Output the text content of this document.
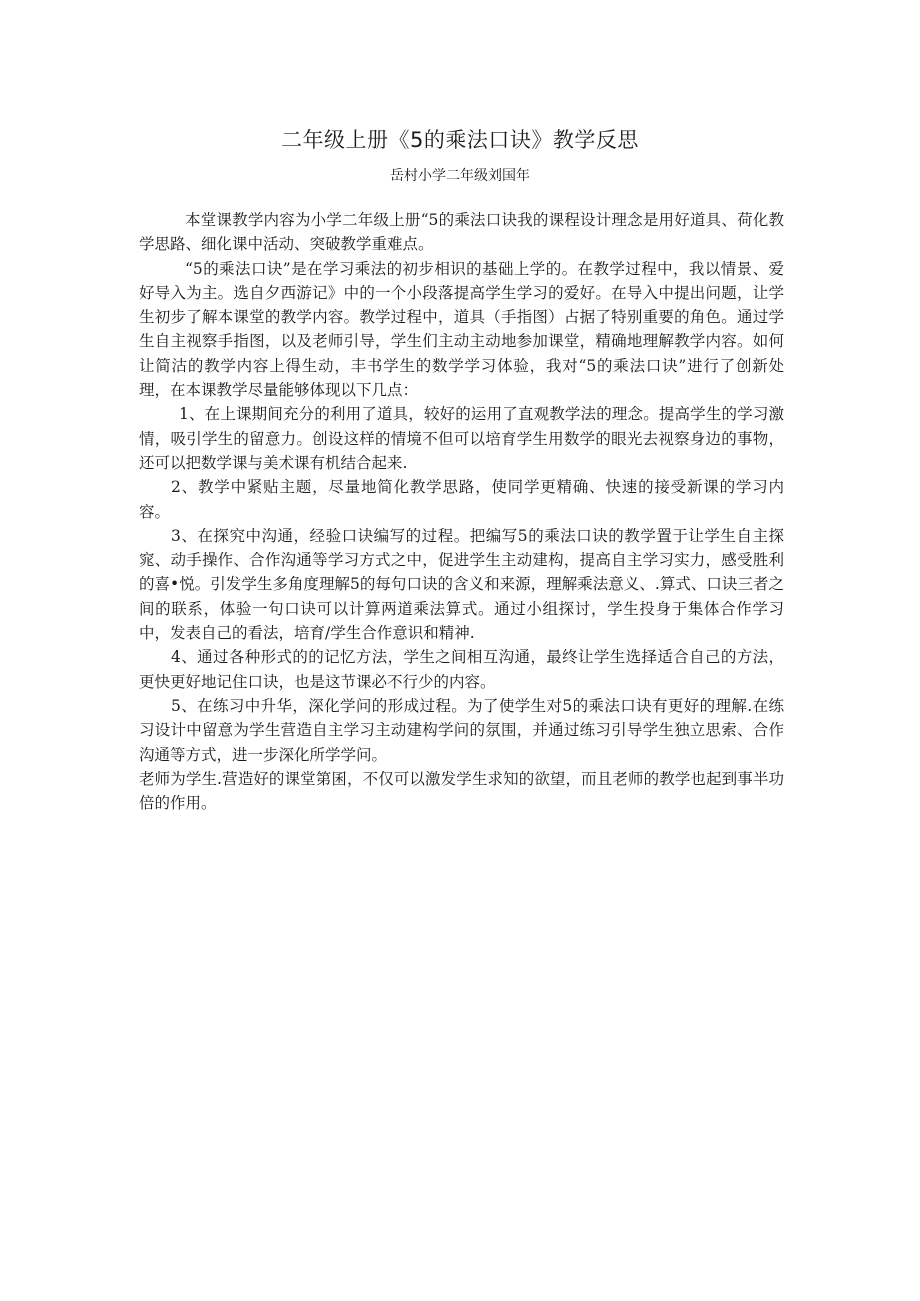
二年级上册《5的乘法口诀》教学反思
岳村小学二年级刘国年

本堂课教学内容为小学二年级上册“5的乘法口诀我的课程设计理念是用好道具、荷化教学思路、细化课中活动、突破教学重难点。

“5的乘法口诀”是在学习乘法的初步相识的基础上学的。在教学过程中，我以情景、爱好导入为主。选自夕西游记》中的一个小段落提高学生学习的爱好。在导入中提出问题，让学生初步了解本课堂的教学内容。教学过程中，道具（手指图）占据了特别重要的角色。通过学生自主视察手指图，以及老师引导，学生们主动主动地参加课堂，精确地理解教学内容。如何让简沽的教学内容上得生动，丰书学生的数学学习体验，我对“5的乘法口诀”进行了创新处理，在本课教学尽量能够体现以下几点：

1、在上课期间充分的利用了道具，较好的运用了直观教学法的理念。提高学生的学习激情，吸引学生的留意力。创设这样的情境不但可以培育学生用数学的眼光去视察身边的事物，还可以把数学课与美术课有机结合起来.

2、教学中紧贴主题，尽量地简化教学思路，使同学更精确、快速的接受新课的学习内容。

3、在探究中沟通，经验口诀编写的过程。把编写5的乘法口诀的教学置于让学生自主探窕、动手操作、合作沟通等学习方式之中，促进学生主动建构，提高自主学习实力，感受胜利的喜•悦。引发学生多角度理解5的每句口诀的含义和来源，理解乘法意义、.算式、口诀三者之间的联系，体验一句口诀可以计算两道乘法算式。通过小组探讨，学生投身于集体合作学习中，发表自己的看法，培育/学生合作意识和精神.

4、通过各种形式的的记忆方法，学生之间相互沟通，最终让学生选择适合自己的方法，更快更好地记住口诀，也是这节课必不行少的内容。

5、在练习中升华，深化学问的形成过程。为了使学生对5的乘法口诀有更好的理解.在练习设计中留意为学生营造自主学习主动建构学问的氛围，并通过练习引导学生独立思索、合作沟通等方式，进一步深化所学学问。

老师为学生.营造好的课堂第囷，不仅可以激发学生求知的欲望，而且老师的教学也起到事半功倍的作用。
